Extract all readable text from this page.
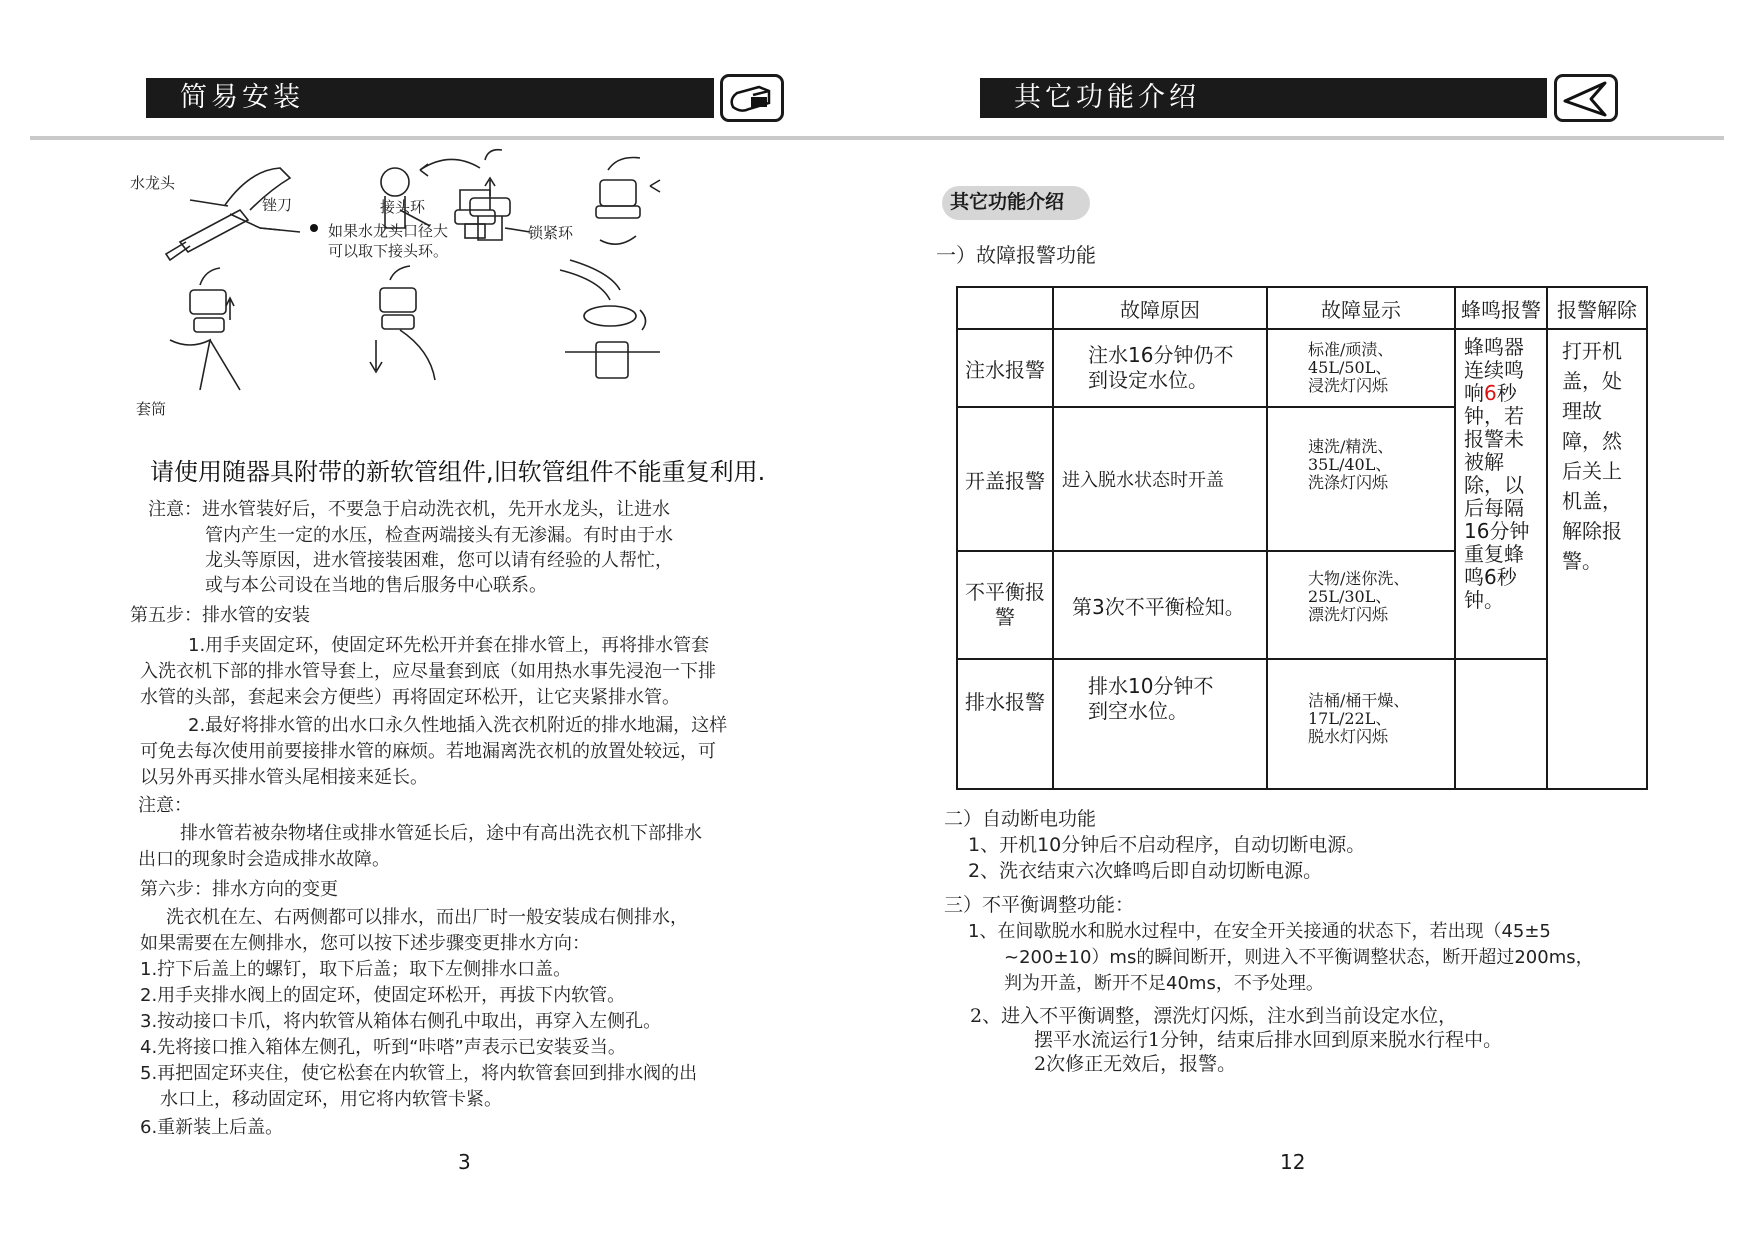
简易安装	其它功能介绍
水龙头
锉刀	接头环
如果水龙头口径大
可以取下接头环。
锁紧环
套筒
请使用随器具附带的新软管组件,旧软管组件不能重复利用.
注意：进水管装好后，不要急于启动洗衣机，先开水龙头，让进水
管内产生一定的水压，检查两端接头有无渗漏。有时由于水
龙头等原因，进水管接装困难，您可以请有经验的人帮忙，
或与本公司设在当地的售后服务中心联系。
第五步：排水管的安装
1.用手夹固定环，使固定环先松开并套在排水管上，再将排水管套
入洗衣机下部的排水管导套上，应尽量套到底（如用热水事先浸泡一下排
水管的头部，套起来会方便些）再将固定环松开，让它夹紧排水管。
2.最好将排水管的出水口永久性地插入洗衣机附近的排水地漏，这样
可免去每次使用前要接排水管的麻烦。若地漏离洗衣机的放置处较远，可
以另外再买排水管头尾相接来延长。
注意：
排水管若被杂物堵住或排水管延长后，途中有高出洗衣机下部排水
出口的现象时会造成排水故障。
第六步：排水方向的变更
洗衣机在左、右两侧都可以排水，而出厂时一般安装成右侧排水，
如果需要在左侧排水，您可以按下述步骤变更排水方向：
1.拧下后盖上的螺钉，取下后盖；取下左侧排水口盖。
2.用手夹排水阀上的固定环，使固定环松开，再拔下内软管。
3.按动接口卡爪，将内软管从箱体右侧孔中取出，再穿入左侧孔。
4.先将接口推入箱体左侧孔，听到“咔嗒”声表示已安装妥当。
5.再把固定环夹住，使它松套在内软管上，将内软管套回到排水阀的出
水口上，移动固定环，用它将内软管卡紧。
6.重新装上后盖。
3
其它功能介绍
一）故障报警功能
	故障原因	故障显示	蜂鸣报警	报警解除
注水报警	注水16分钟仍不到设定水位。	标准/顽渍、
45L/50L、
浸洗灯闪烁	蜂鸣器连续鸣响6秒钟，若报警未被解除，以后每隔16分钟重复蜂鸣6秒钟。	打开机盖，处理故障，然后关上机盖，解除报警。

开盖报警	进入脱水状态时开盖	速洗/精洗、
35L/40L、
洗涤灯闪烁		

不平衡报警	第3次不平衡检知。	大物/迷你洗、
25L/30L、
漂洗灯闪烁		

排水报警	排水10分钟不到空水位。	洁桶/桶干燥、
17L/22L、
脱水灯闪烁		

二）自动断电功能
1、开机10分钟后不启动程序，自动切断电源。
2、洗衣结束六次蜂鸣后即自动切断电源。
三）不平衡调整功能：
1、在间歇脱水和脱水过程中，在安全开关接通的状态下，若出现（45±5
~200±10）ms的瞬间断开，则进入不平衡调整状态，断开超过200ms，
判为开盖，断开不足40ms，不予处理。
2、进入不平衡调整，漂洗灯闪烁，注水到当前设定水位，
摆平水流运行1分钟，结束后排水回到原来脱水行程中。
2次修正无效后，报警。
12
